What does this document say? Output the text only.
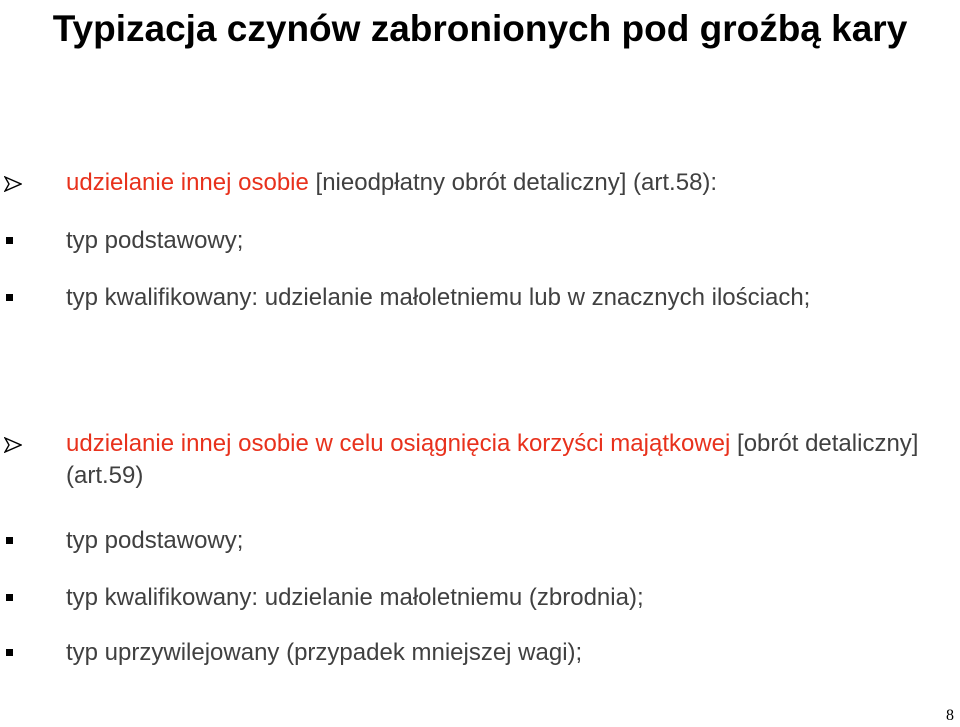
Typizacja czynów zabronionych pod groźbą kary
udzielanie innej osobie [nieodpłatny obrót detaliczny] (art.58):
typ podstawowy;
typ kwalifikowany: udzielanie małoletniemu lub w znacznych ilościach;
udzielanie innej osobie w celu osiągnięcia korzyści majątkowej [obrót detaliczny] (art.59)
typ podstawowy;
typ kwalifikowany: udzielanie małoletniemu (zbrodnia);
typ uprzywilejowany (przypadek mniejszej wagi);
8
